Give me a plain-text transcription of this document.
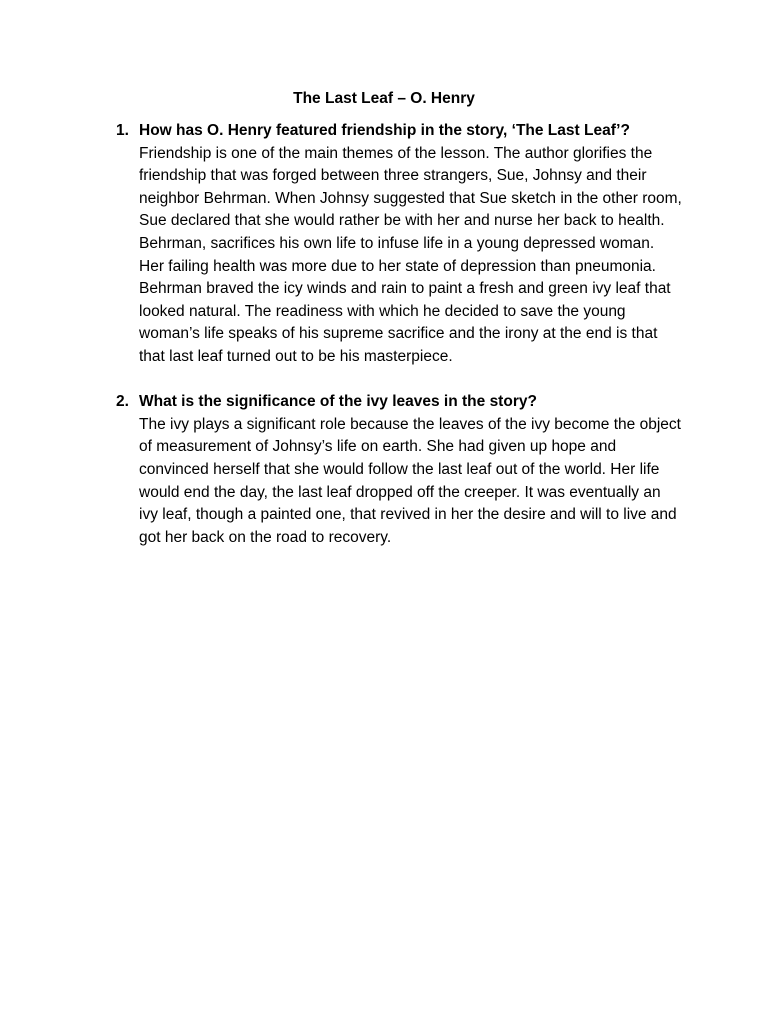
The Last Leaf – O. Henry
1. How has O. Henry featured friendship in the story, ‘The Last Leaf’?
Friendship is one of the main themes of the lesson. The author glorifies the friendship that was forged between three strangers, Sue, Johnsy and their neighbor Behrman. When Johnsy suggested that Sue sketch in the other room, Sue declared that she would rather be with her and nurse her back to health. Behrman, sacrifices his own life to infuse life in a young depressed woman. Her failing health was more due to her state of depression than pneumonia. Behrman braved the icy winds and rain to paint a fresh and green ivy leaf that looked natural. The readiness with which he decided to save the young woman’s life speaks of his supreme sacrifice and the irony at the end is that that last leaf turned out to be his masterpiece.
2. What is the significance of the ivy leaves in the story?
The ivy plays a significant role because the leaves of the ivy become the object of measurement of Johnsy’s life on earth. She had given up hope and convinced herself that she would follow the last leaf out of the world. Her life would end the day, the last leaf dropped off the creeper. It was eventually an ivy leaf, though a painted one, that revived in her the desire and will to live and got her back on the road to recovery.
